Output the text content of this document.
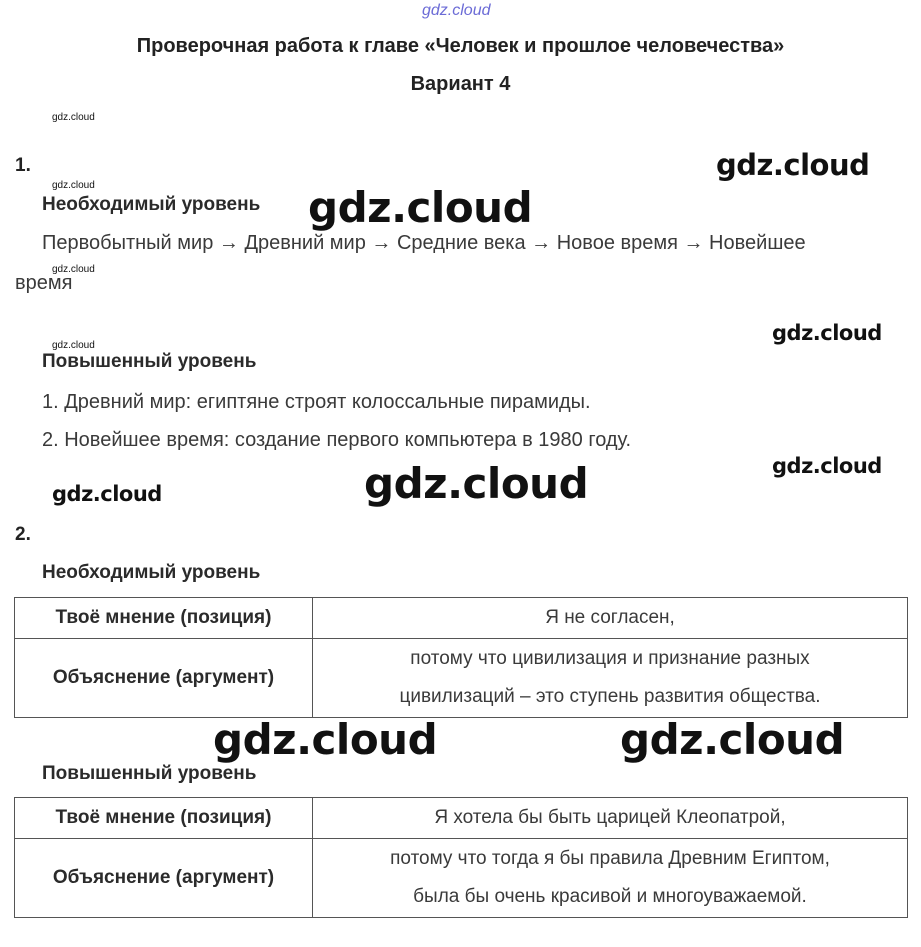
gdz.cloud
gdz.cloud
gdz.cloud
gdz.cloud
gdz.cloud
gdz.cloud
gdz.cloud
gdz.cloud
gdz.cloud
gdz.cloud	gdz.cloud
gdz.cloud	gdz.cloud
Проверочная работа к главе «Человек и прошлое человечества»
Вариант 4
1.
Необходимый уровень
Первобытный мир → Древний мир → Средние века → Новое время → Новейшее
время
Повышенный уровень
1. Древний мир: египтяне строят колоссальные пирамиды.
2. Новейшее время: создание первого компьютера в 1980 году.
2.
Необходимый уровень
Твоё мнение (позиция)	Я не согласен,
Объяснение (аргумент)	потому что цивилизация и признание разных
цивилизаций – это ступень развития общества.
Повышенный уровень
Твоё мнение (позиция)	Я хотела бы быть царицей Клеопатрой,
Объяснение (аргумент)	потому что тогда я бы правила Древним Египтом,
была бы очень красивой и многоуважаемой.
